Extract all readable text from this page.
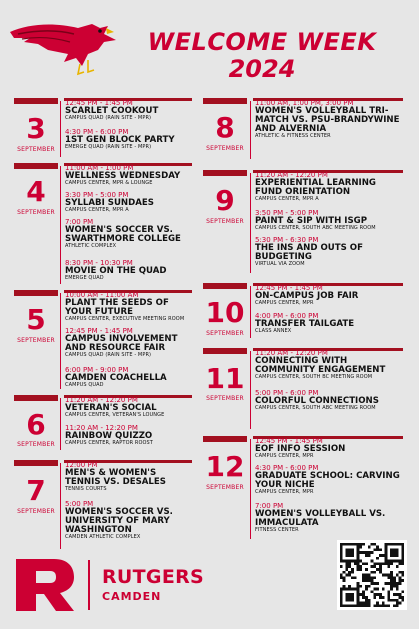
WELCOME WEEK
2024
3
SEPTEMBER
12:45 PM - 1:45 PM
SCARLET COOKOUT
CAMPUS QUAD (RAIN SITE - MPR)
4:30 PM - 6:00 PM
1ST GEN BLOCK PARTY
EMERGE QUAD (RAIN SITE - MPR)
4
SEPTEMBER
11:00 AM - 1:00 PM
WELLNESS WEDNESDAY
CAMPUS CENTER, MPR & LOUNGE
3:30 PM - 5:00 PM
SYLLABI SUNDAES
CAMPUS CENTER, MPR A
7:00 PM
WOMEN'S SOCCER VS. SWARTHMORE COLLEGE
ATHLETIC COMPLEX
8:30 PM - 10:30 PM
MOVIE ON THE QUAD
EMERGE QUAD
5
SEPTEMBER
10:00 AM - 11:00 AM
PLANT THE SEEDS OF YOUR FUTURE
CAMPUS CENTER, EXECUTIVE MEETING ROOM
12:45 PM - 1:45 PM
CAMPUS INVOLVEMENT AND RESOURCE FAIR
CAMPUS QUAD (RAIN SITE - MPR)
6:00 PM - 9:00 PM
CAMDEN COACHELLA
CAMPUS QUAD
6
SEPTEMBER
11:20 AM - 12:20 PM
VETERAN'S SOCIAL
CAMPUS CENTER, VETERAN'S LOUNGE
11:20 AM - 12:20 PM
RAINBOW QUIZZO
CAMPUS CENTER, RAPTOR ROOST
7
SEPTEMBER
12:00 PM
MEN'S & WOMEN'S TENNIS VS. DESALES
TENNIS COURTS
5:00 PM
WOMEN'S SOCCER VS. UNIVERSITY OF MARY WASHINGTON
CAMDEN ATHLETIC COMPLEX
8
SEPTEMBER
11:00 AM, 1:00 PM, 3:00 PM
WOMEN'S VOLLEYBALL TRI-MATCH VS. PSU-BRANDYWINE AND ALVERNIA
ATHLETIC & FITNESS CENTER
9
SEPTEMBER
11:20 AM - 12:20 PM
EXPERIENTIAL LEARNING FUND ORIENTATION
CAMPUS CENTER, MPR A
3:50 PM - 5:00 PM
PAINT & SIP WITH ISGP
CAMPUS CENTER, SOUTH ABC MEETING ROOM
5:30 PM - 6:30 PM
THE INS AND OUTS OF BUDGETING
VIRTUAL VIA ZOOM
10
SEPTEMBER
12:45 PM - 1:45 PM
ON-CAMPUS JOB FAIR
CAMPUS CENTER, MPR
4:00 PM - 6:00 PM
TRANSFER TAILGATE
CLASS ANNEX
11
SEPTEMBER
11:20 AM - 12:20 PM
CONNECTING WITH COMMUNITY ENGAGEMENT
CAMPUS CENTER, SOUTH BC MEETING ROOM
5:00 PM - 6:00 PM
COLORFUL CONNECTIONS
CAMPUS CENTER, SOUTH ABC MEETING ROOM
12
SEPTEMBER
12:45 PM - 1:45 PM
EOF INFO SESSION
CAMPUS CENTER, MPR
4:30 PM - 6:00 PM
GRADUATE SCHOOL: CARVING YOUR NICHE
CAMPUS CENTER, MPR
7:00 PM
WOMEN'S VOLLEYBALL VS. IMMACULATA
FITNESS CENTER
RUTGERS
CAMDEN
